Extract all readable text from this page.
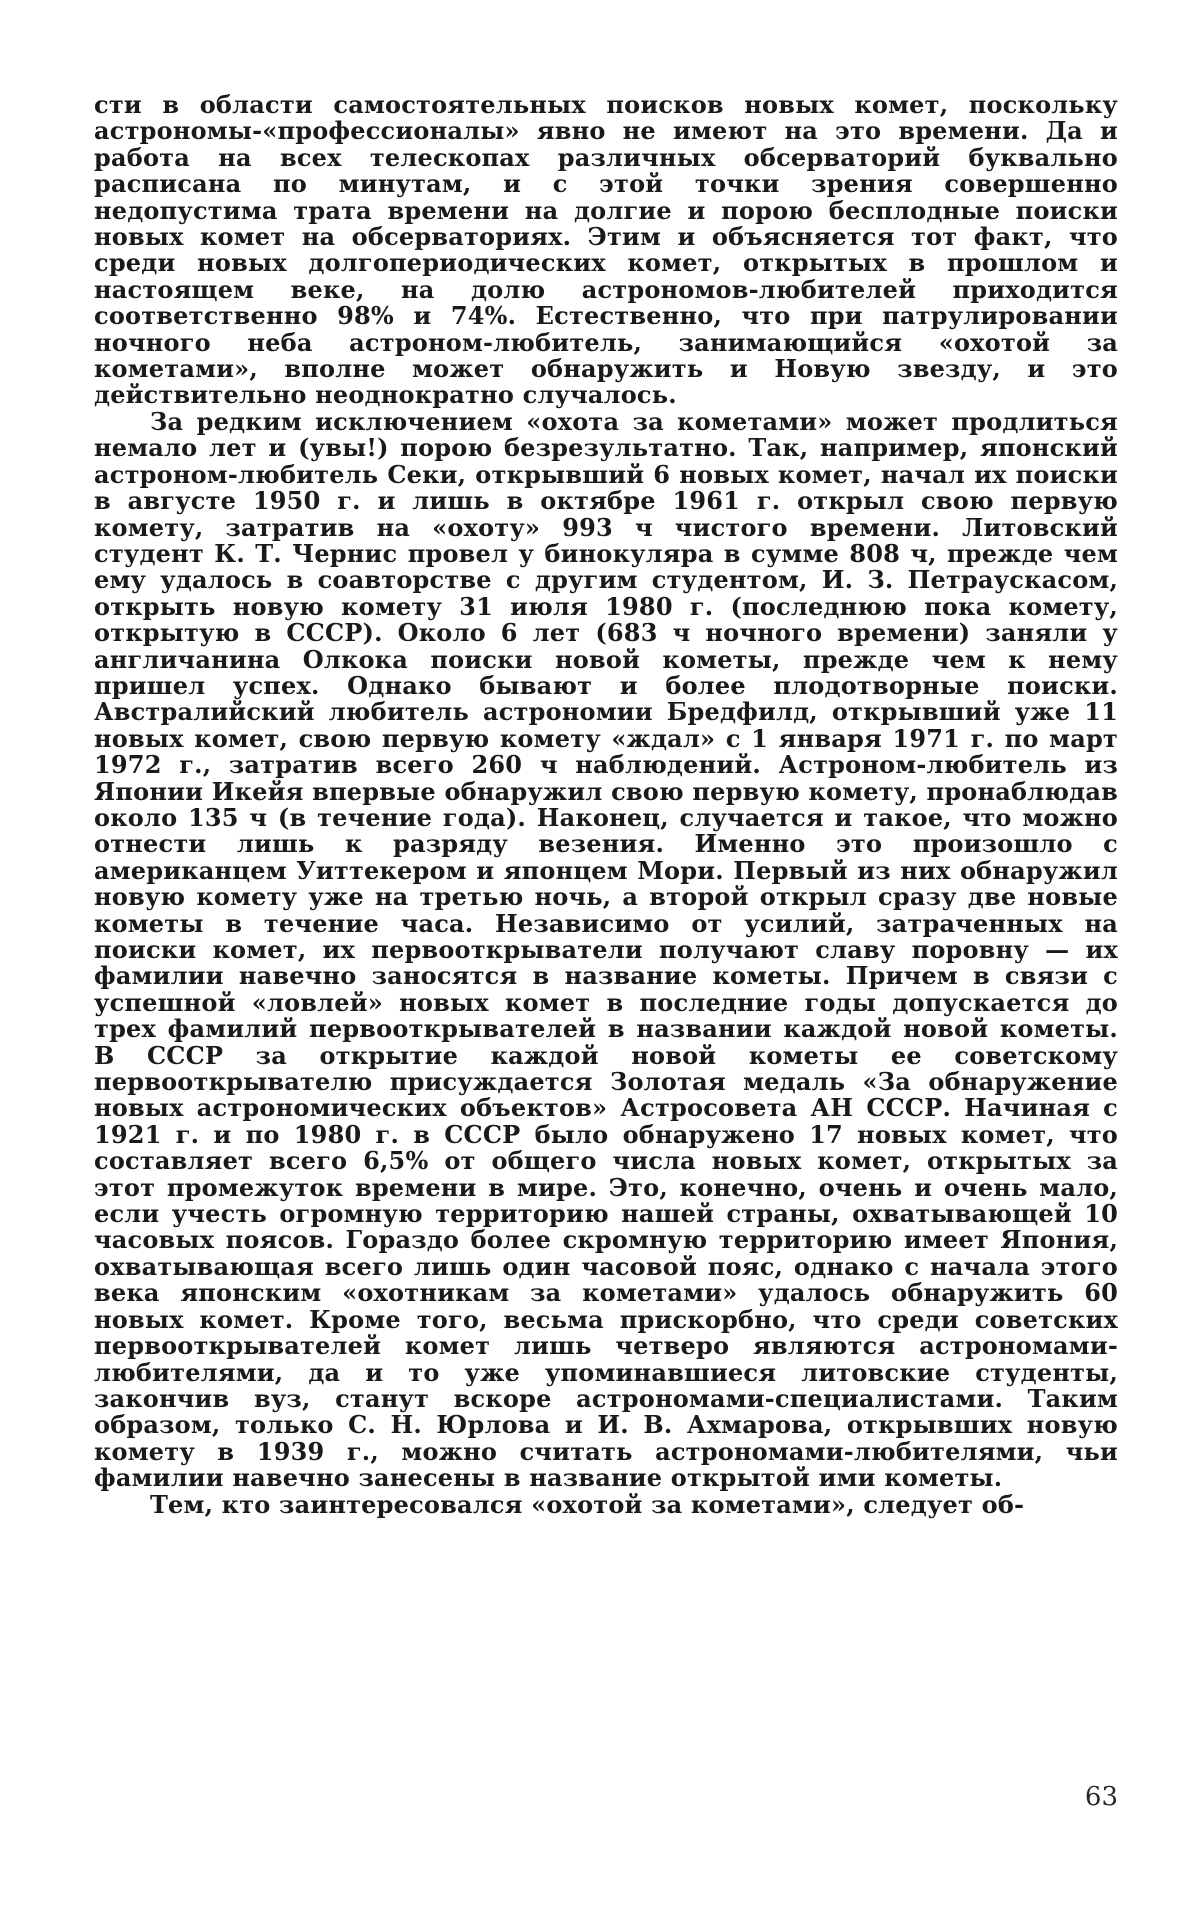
сти в области самостоятельных поисков новых комет, поскольку астрономы-«профессионалы» явно не имеют на это времени. Да и работа на всех телескопах различных обсерваторий буквально расписана по минутам, и с этой точки зрения совершенно недопустима трата времени на долгие и порою бесплодные поиски новых комет на обсерваториях. Этим и объясняется тот факт, что среди новых долгопериодических комет, открытых в прошлом и настоящем веке, на долю астрономов-любителей приходится соответственно 98% и 74%. Естественно, что при патрулировании ночного неба астроном-любитель, занимающийся «охотой за кометами», вполне может обнаружить и Новую звезду, и это действительно неоднократно случалось.

За редким исключением «охота за кометами» может продлиться немало лет и (увы!) порою безрезультатно. Так, например, японский астроном-любитель Секи, открывший 6 новых комет, начал их поиски в августе 1950 г. и лишь в октябре 1961 г. открыл свою первую комету, затратив на «охоту» 993 ч чистого времени. Литовский студент К. Т. Чернис провел у бинокуляра в сумме 808 ч, прежде чем ему удалось в соавторстве с другим студентом, И. З. Петраускасом, открыть новую комету 31 июля 1980 г. (последнюю пока комету, открытую в СССР). Около 6 лет (683 ч ночного времени) заняли у англичанина Олкока поиски новой кометы, прежде чем к нему пришел успех. Однако бывают и более плодотворные поиски. Австралийский любитель астрономии Бредфилд, открывший уже 11 новых комет, свою первую комету «ждал» с 1 января 1971 г. по март 1972 г., затратив всего 260 ч наблюдений. Астроном-любитель из Японии Икейя впервые обнаружил свою первую комету, пронаблюдав около 135 ч (в течение года). Наконец, случается и такое, что можно отнести лишь к разряду везения. Именно это произошло с американцем Уиттекером и японцем Мори. Первый из них обнаружил новую комету уже на третью ночь, а второй открыл сразу две новые кометы в течение часа. Независимо от усилий, затраченных на поиски комет, их первооткрыватели получают славу поровну — их фамилии навечно заносятся в название кометы. Причем в связи с успешной «ловлей» новых комет в последние годы допускается до трех фамилий первооткрывателей в названии каждой новой кометы. В СССР за открытие каждой новой кометы ее советскому первооткрывателю присуждается Золотая медаль «За обнаружение новых астрономических объектов» Астросовета АН СССР. Начиная с 1921 г. и по 1980 г. в СССР было обнаружено 17 новых комет, что составляет всего 6,5% от общего числа новых комет, открытых за этот промежуток времени в мире. Это, конечно, очень и очень мало, если учесть огромную территорию нашей страны, охватывающей 10 часовых поясов. Гораздо более скромную территорию имеет Япония, охватывающая всего лишь один часовой пояс, однако с начала этого века японским «охотникам за кометами» удалось обнаружить 60 новых комет. Кроме того, весьма прискорбно, что среди советских первооткрывателей комет лишь четверо являются астрономами-любителями, да и то уже упоминавшиеся литовские студенты, закончив вуз, станут вскоре астрономами-специалистами. Таким образом, только С. Н. Юрлова и И. В. Ахмарова, открывших новую комету в 1939 г., можно считать астрономами-любителями, чьи фамилии навечно занесены в название открытой ими кометы.

Тем, кто заинтересовался «охотой за кометами», следует об-

63
